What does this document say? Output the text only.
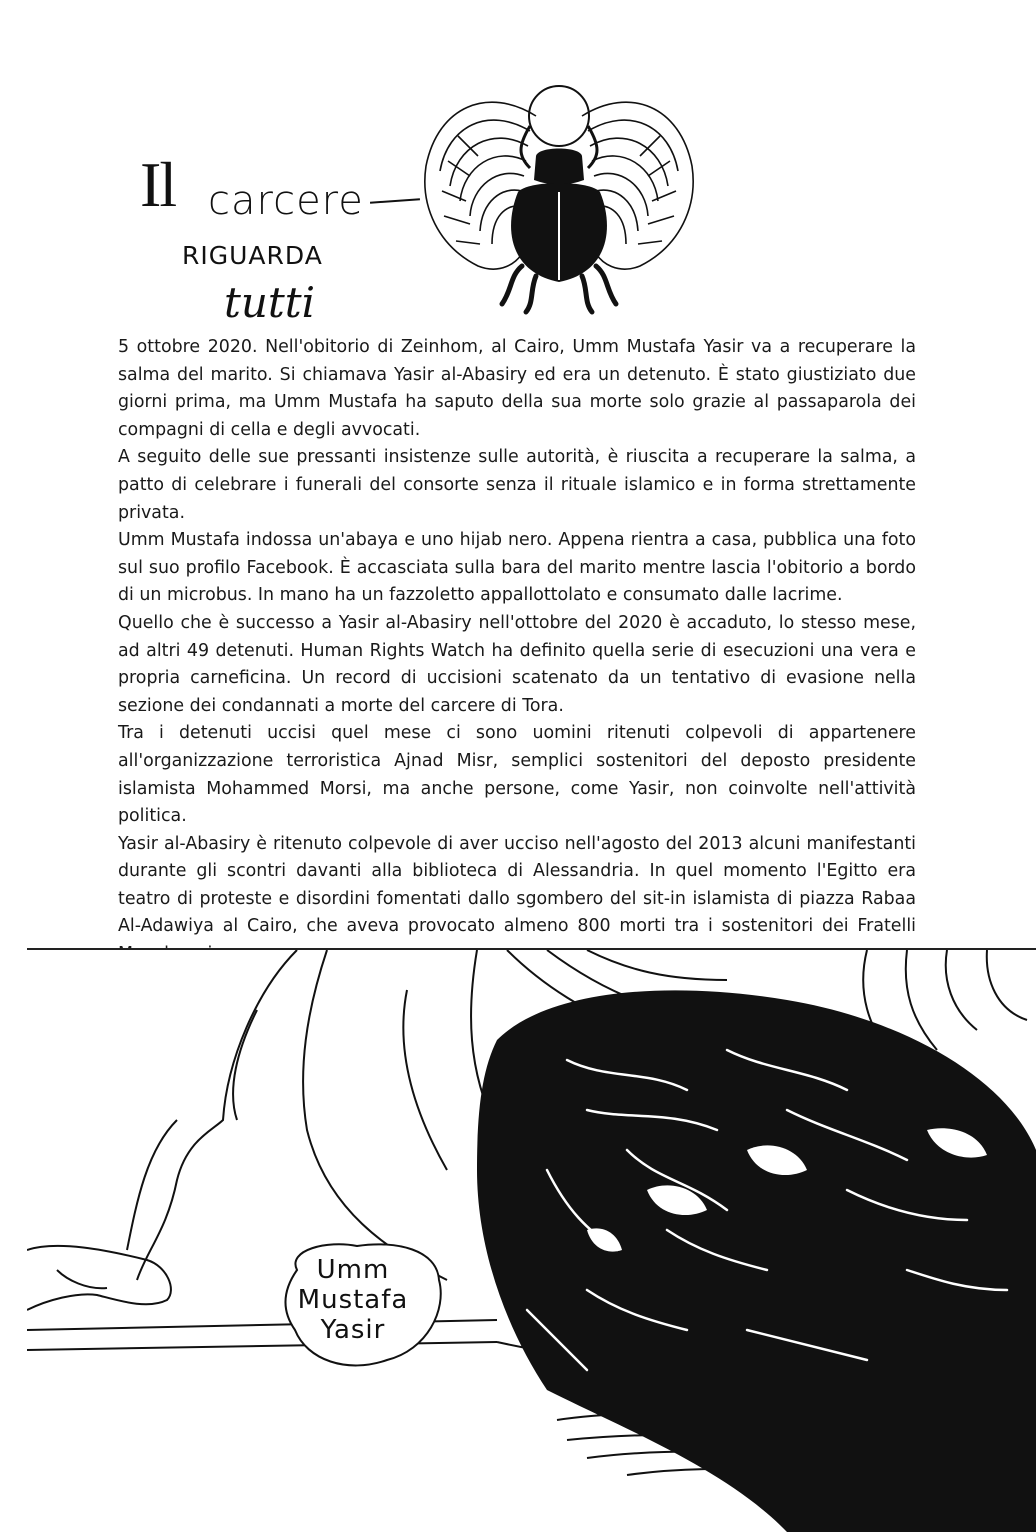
Il carcere
riguarda
tutti

5 ottobre 2020. Nell'obitorio di Zeinhom, al Cairo, Umm Mustafa Yasir va a recuperare la salma del marito. Si chiamava Yasir al-Abasiry ed era un detenuto. È stato giustiziato due giorni prima, ma Umm Mustafa ha saputo della sua morte solo grazie al passaparola dei compagni di cella e degli avvocati.

A seguito delle sue pressanti insistenze sulle autorità, è riuscita a recuperare la salma, a patto di celebrare i funerali del consorte senza il rituale islamico e in forma strettamente privata.

Umm Mustafa indossa un'abaya e uno hijab nero. Appena rientra a casa, pubblica una foto sul suo profilo Facebook. È accasciata sulla bara del marito mentre lascia l'obitorio a bordo di un microbus. In mano ha un fazzoletto appallottolato e consumato dalle lacrime.

Quello che è successo a Yasir al-Abasiry nell'ottobre del 2020 è accaduto, lo stesso mese, ad altri 49 detenuti. Human Rights Watch ha definito quella serie di esecuzioni una vera e propria carneficina. Un record di uccisioni scatenato da un tentativo di evasione nella sezione dei condannati a morte del carcere di Tora.

Tra i detenuti uccisi quel mese ci sono uomini ritenuti colpevoli di appartenere all'organizzazione terroristica Ajnad Misr, semplici sostenitori del deposto presidente islamista Mohammed Morsi, ma anche persone, come Yasir, non coinvolte nell'attività politica.

Yasir al-Abasiry è ritenuto colpevole di aver ucciso nell'agosto del 2013 alcuni manifestanti durante gli scontri davanti alla biblioteca di Alessandria. In quel momento l'Egitto era teatro di proteste e disordini fomentati dallo sgombero del sit-in islamista di piazza Rabaa Al-Adawiya al Cairo, che aveva provocato almeno 800 morti tra i sostenitori dei Fratelli

Umm
Mustafa
Yasir
